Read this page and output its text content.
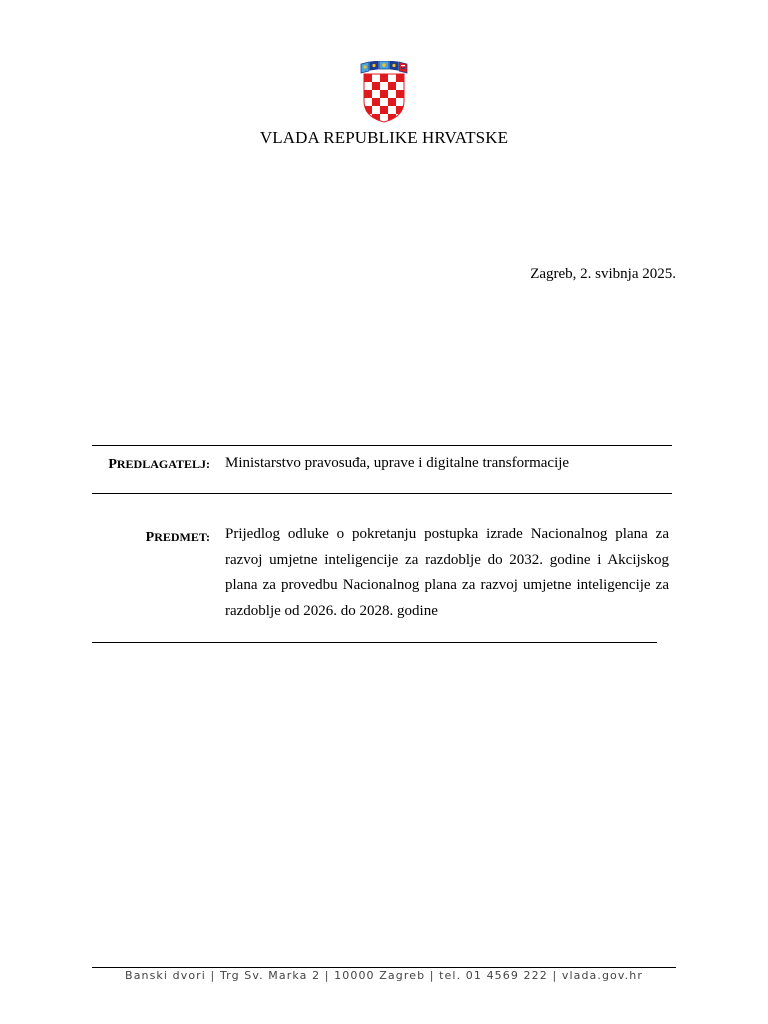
VLADA REPUBLIKE HRVATSKE
Zagreb, 2. svibnja 2025.
PREDLAGATELJ: Ministarstvo pravosuđa, uprave i digitalne transformacije
PREDMET: Prijedlog odluke o pokretanju postupka izrade Nacionalnog plana za razvoj umjetne inteligencije za razdoblje do 2032. godine i Akcijskog plana za provedbu Nacionalnog plana za razvoj umjetne inteligencije za razdoblje od 2026. do 2028. godine
Banski dvori | Trg Sv. Marka 2 | 10000 Zagreb | tel. 01 4569 222 | vlada.gov.hr
